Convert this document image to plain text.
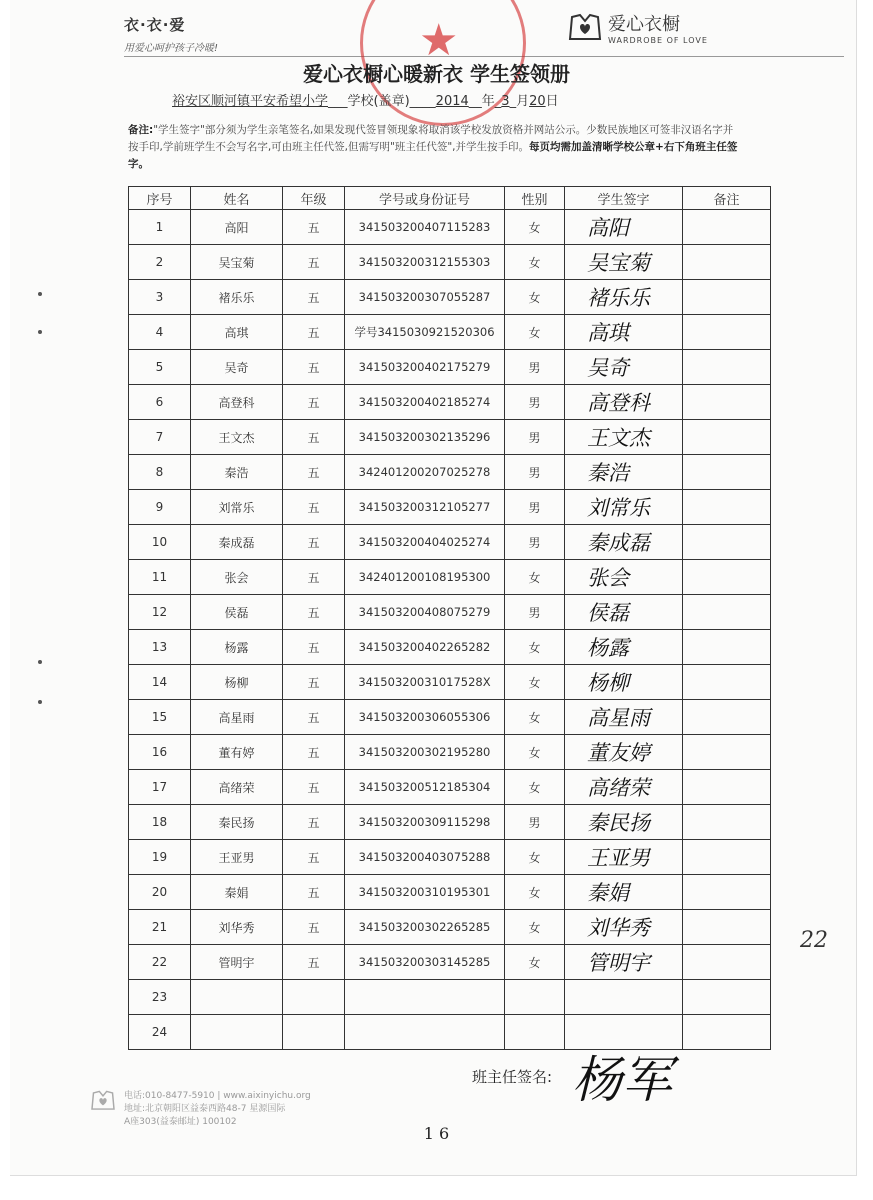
衣·衣·爱
用爱心呵护孩子冷暖!
爱心衣橱
WARDROBE OF LOVE
★
爱心衣橱心暖新衣 学生签领册
裕安区顺河镇平安希望小学___学校(盖章)____2014__年_3_月20日
备注:"学生签字"部分须为学生亲笔签名,如果发现代签冒领现象将取消该学校发放资格并网站公示。少数民族地区可签非汉语名字并按手印,学前班学生不会写名字,可由班主任代签,但需写明"班主任代签",并学生按手印。每页均需加盖清晰学校公章+右下角班主任签字。
序号	姓名	年级	学号或身份证号	性别	学生签字	备注
1	高阳	五	341503200407115283	女	高阳	
2	吴宝菊	五	341503200312155303	女	吴宝菊	
3	褚乐乐	五	341503200307055287	女	褚乐乐	
4	高琪	五	学号3415030921520306	女	高琪	
5	吴奇	五	341503200402175279	男	吴奇	
6	高登科	五	341503200402185274	男	高登科	
7	王文杰	五	341503200302135296	男	王文杰	
8	秦浩	五	342401200207025278	男	秦浩	
9	刘常乐	五	341503200312105277	男	刘常乐	
10	秦成磊	五	341503200404025274	男	秦成磊	
11	张会	五	342401200108195300	女	张会	
12	侯磊	五	341503200408075279	男	侯磊	
13	杨露	五	341503200402265282	女	杨露	
14	杨柳	五	34150320031017528X	女	杨柳	
15	高星雨	五	341503200306055306	女	高星雨	
16	董有婷	五	341503200302195280	女	董友婷	
17	高绪荣	五	341503200512185304	女	高绪荣	
18	秦民扬	五	341503200309115298	男	秦民扬	
19	王亚男	五	341503200403075288	女	王亚男	
20	秦娟	五	341503200310195301	女	秦娟	
21	刘华秀	五	341503200302265285	女	刘华秀	
22	管明宇	五	341503200303145285	女	管明宇	
23						
24						
班主任签名: 杨军
22
电话:010-8477-5910 | www.aixinyichu.org
地址:北京朝阳区益泰西路48-7 星源国际
A座303(益泰邮址) 100102
1 6
